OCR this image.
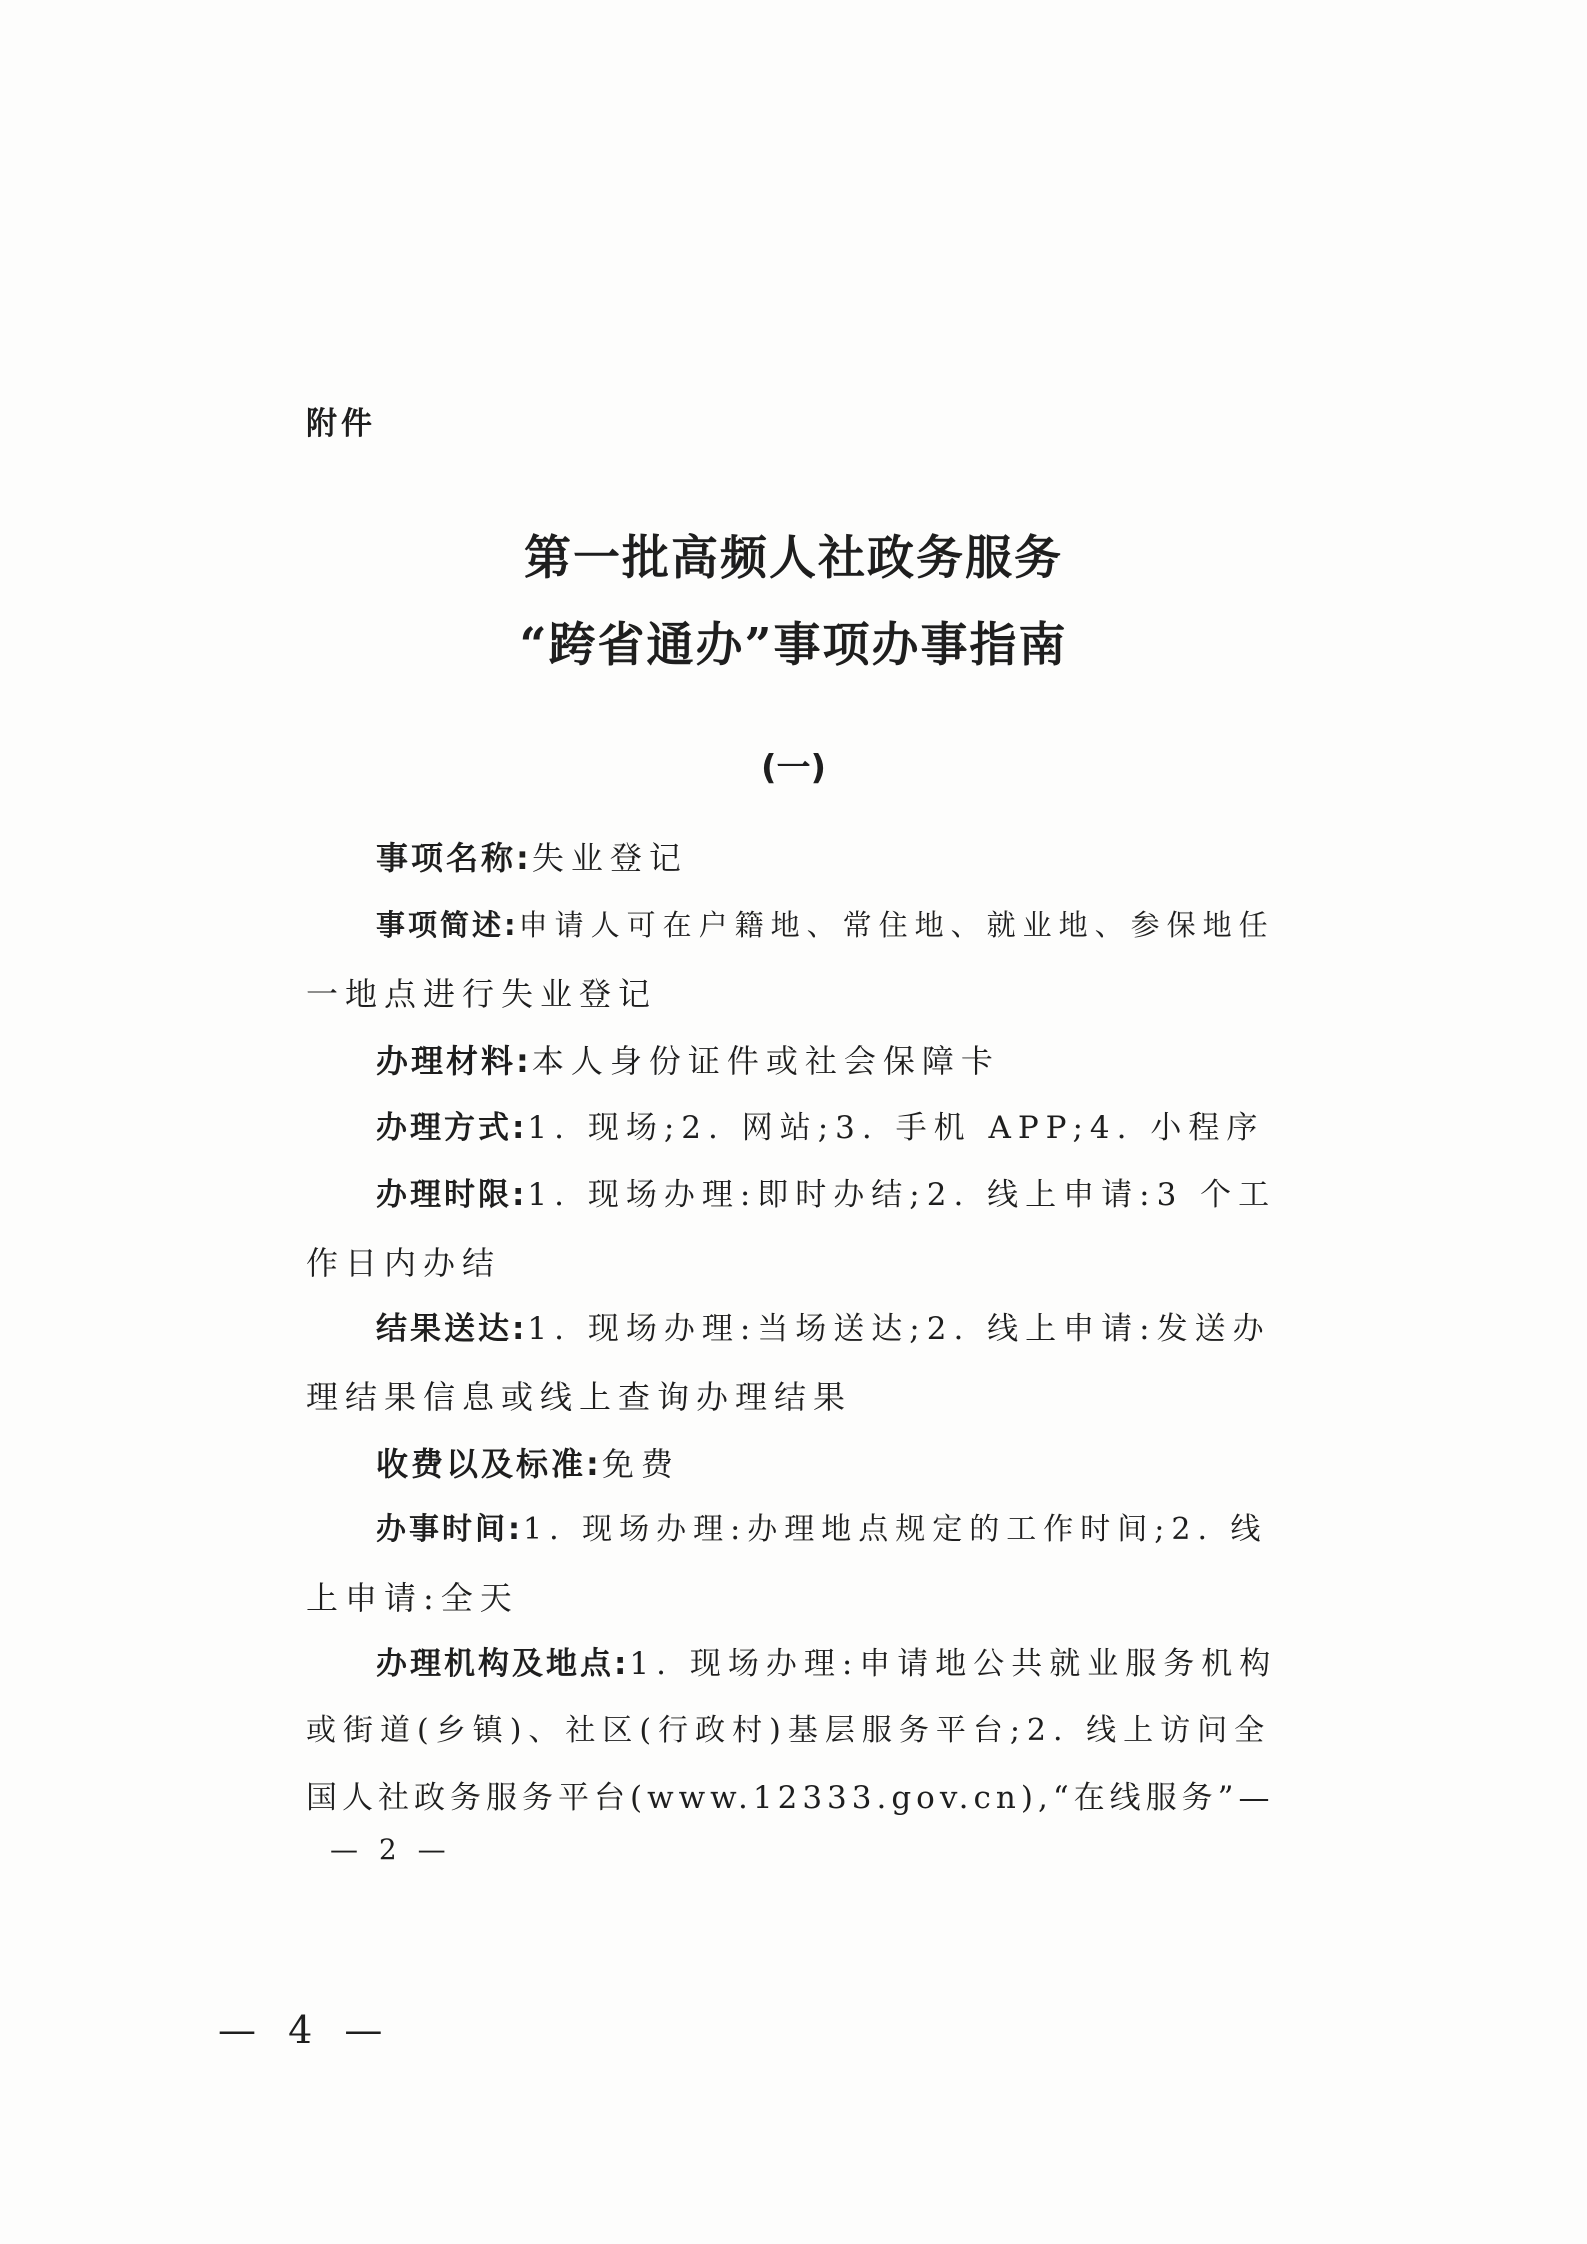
附件
第一批高频人社政务服务
“跨省通办”事项办事指南
(一)
事项名称:失业登记
事项简述:申请人可在户籍地、常住地、就业地、参保地任
一地点进行失业登记
办理材料:本人身份证件或社会保障卡
办理方式:1. 现场;2. 网站;3. 手机 APP;4. 小程序
办理时限:1. 现场办理:即时办结;2. 线上申请:3 个工
作日内办结
结果送达:1. 现场办理:当场送达;2. 线上申请:发送办
理结果信息或线上查询办理结果
收费以及标准:免费
办事时间:1. 现场办理:办理地点规定的工作时间;2. 线
上申请:全天
办理机构及地点:1. 现场办理:申请地公共就业服务机构
或街道(乡镇)、社区(行政村)基层服务平台;2. 线上访问全
国人社政务服务平台(www.12333.gov.cn),“在线服务”—
— 2 —
— 4 —
